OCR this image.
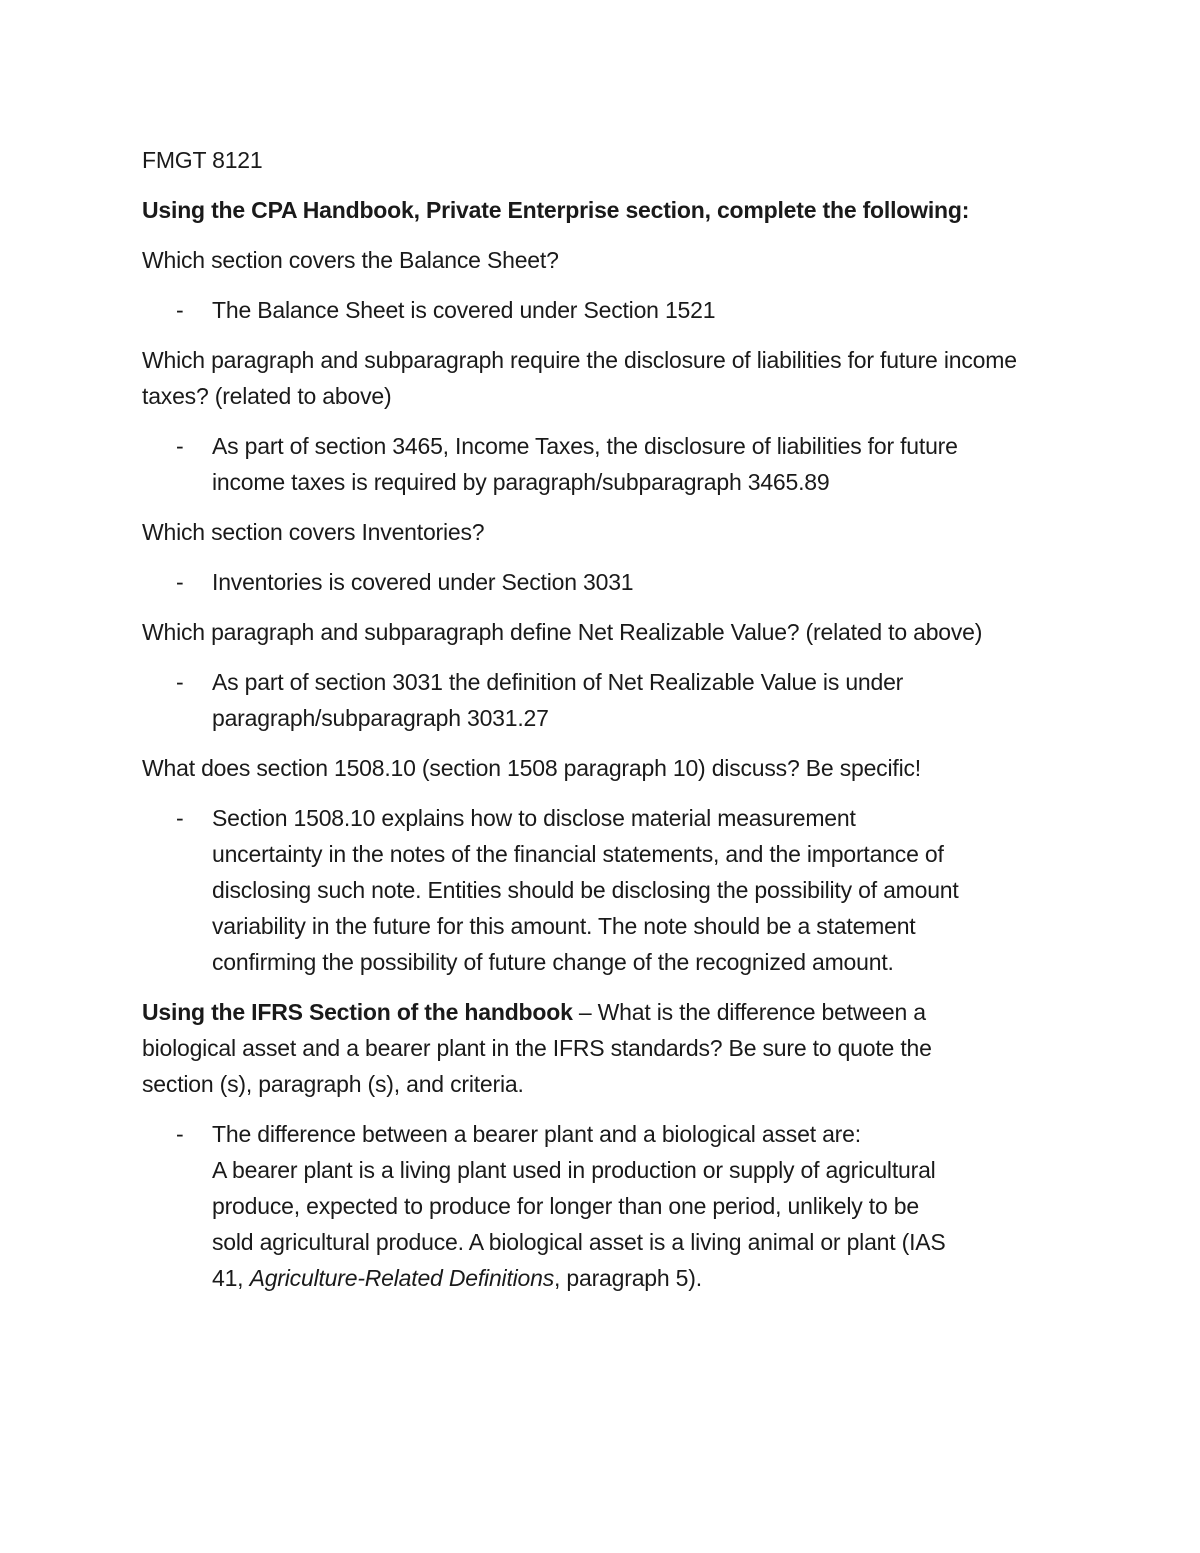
FMGT 8121

Using the CPA Handbook, Private Enterprise section, complete the following:

Which section covers the Balance Sheet?

- The Balance Sheet is covered under Section 1521

Which paragraph and subparagraph require the disclosure of liabilities for future income
taxes? (related to above)

- As part of section 3465, Income Taxes, the disclosure of liabilities for future
income taxes is required by paragraph/subparagraph 3465.89

Which section covers Inventories?

- Inventories is covered under Section 3031

Which paragraph and subparagraph define Net Realizable Value? (related to above)

- As part of section 3031 the definition of Net Realizable Value is under
paragraph/subparagraph 3031.27

What does section 1508.10 (section 1508 paragraph 10) discuss? Be specific!

- Section 1508.10 explains how to disclose material measurement
uncertainty in the notes of the financial statements, and the importance of
disclosing such note. Entities should be disclosing the possibility of amount
variability in the future for this amount. The note should be a statement
confirming the possibility of future change of the recognized amount.

Using the IFRS Section of the handbook – What is the difference between a
biological asset and a bearer plant in the IFRS standards? Be sure to quote the
section (s), paragraph (s), and criteria.

- The difference between a bearer plant and a biological asset are:
A bearer plant is a living plant used in production or supply of agricultural
produce, expected to produce for longer than one period, unlikely to be
sold agricultural produce. A biological asset is a living animal or plant (IAS
41, Agriculture-Related Definitions, paragraph 5).
